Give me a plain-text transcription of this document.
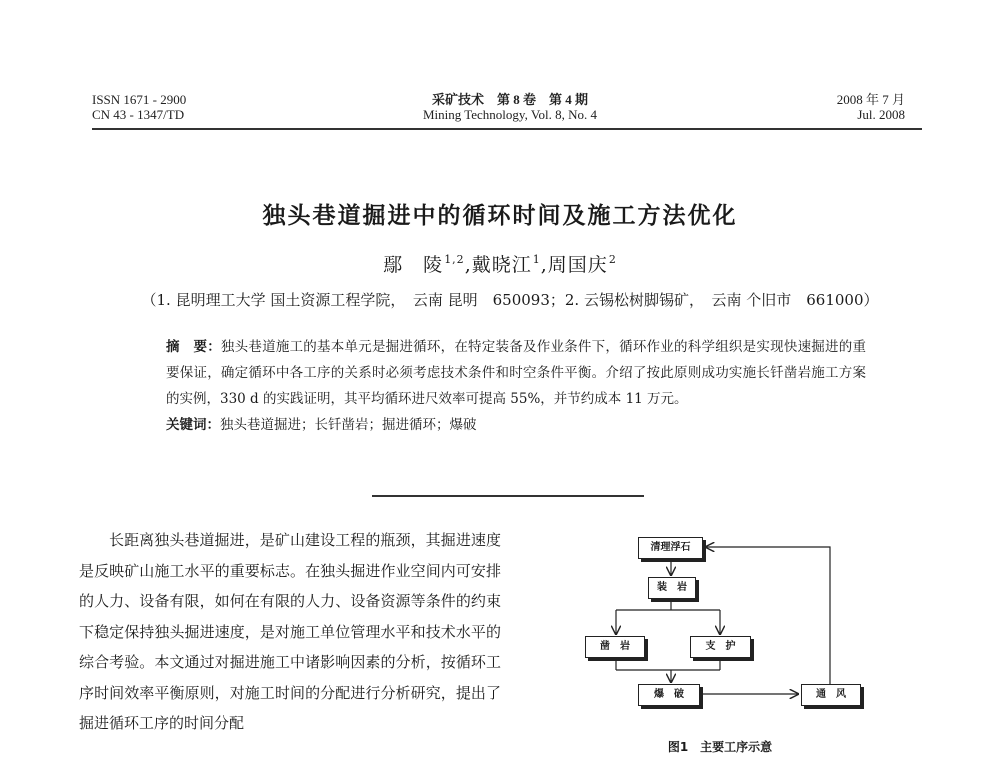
ISSN 1671 - 2900
CN 43 - 1347/TD
采矿技术　第 8 卷　第 4 期
Mining Technology, Vol. 8, No. 4
2008 年 7 月
Jul. 2008
独头巷道掘进中的循环时间及施工方法优化
鄢　陵$^{1,2}$,戴晓江$^1$,周国庆$^2$
（1. 昆明理工大学 国土资源工程学院，　云南 昆明　650093；2. 云锡松树脚锡矿，　云南 个旧市　661000）

摘　要：独头巷道施工的基本单元是掘进循环，在特定装备及作业条件下，循环作业的科学组织是实现快速掘进的重要保证，确定循环中各工序的关系时必须考虑技术条件和时空条件平衡。介绍了按此原则成功实施长钎凿岩施工方案的实例，330 d 的实践证明，其平均循环进尺效率可提高 55%，并节约成本 11 万元。

关键词：独头巷道掘进；长钎凿岩；掘进循环；爆破

长距离独头巷道掘进，是矿山建设工程的瓶颈，其掘进速度是反映矿山施工水平的重要标志。在独头掘进作业空间内可安排的人力、设备有限，如何在有限的人力、设备资源等条件的约束下稳定保持独头掘进速度，是对施工单位管理水平和技术水平的综合考验。本文通过对掘进施工中诸影响因素的分析，按循环工序时间效率平衡原则，对施工时间的分配进行分析研究，提出了掘进循环工序的时间分配
清理浮石
装　岩
凿　岩	支　护
爆　破	通　风
图1　主要工序示意
